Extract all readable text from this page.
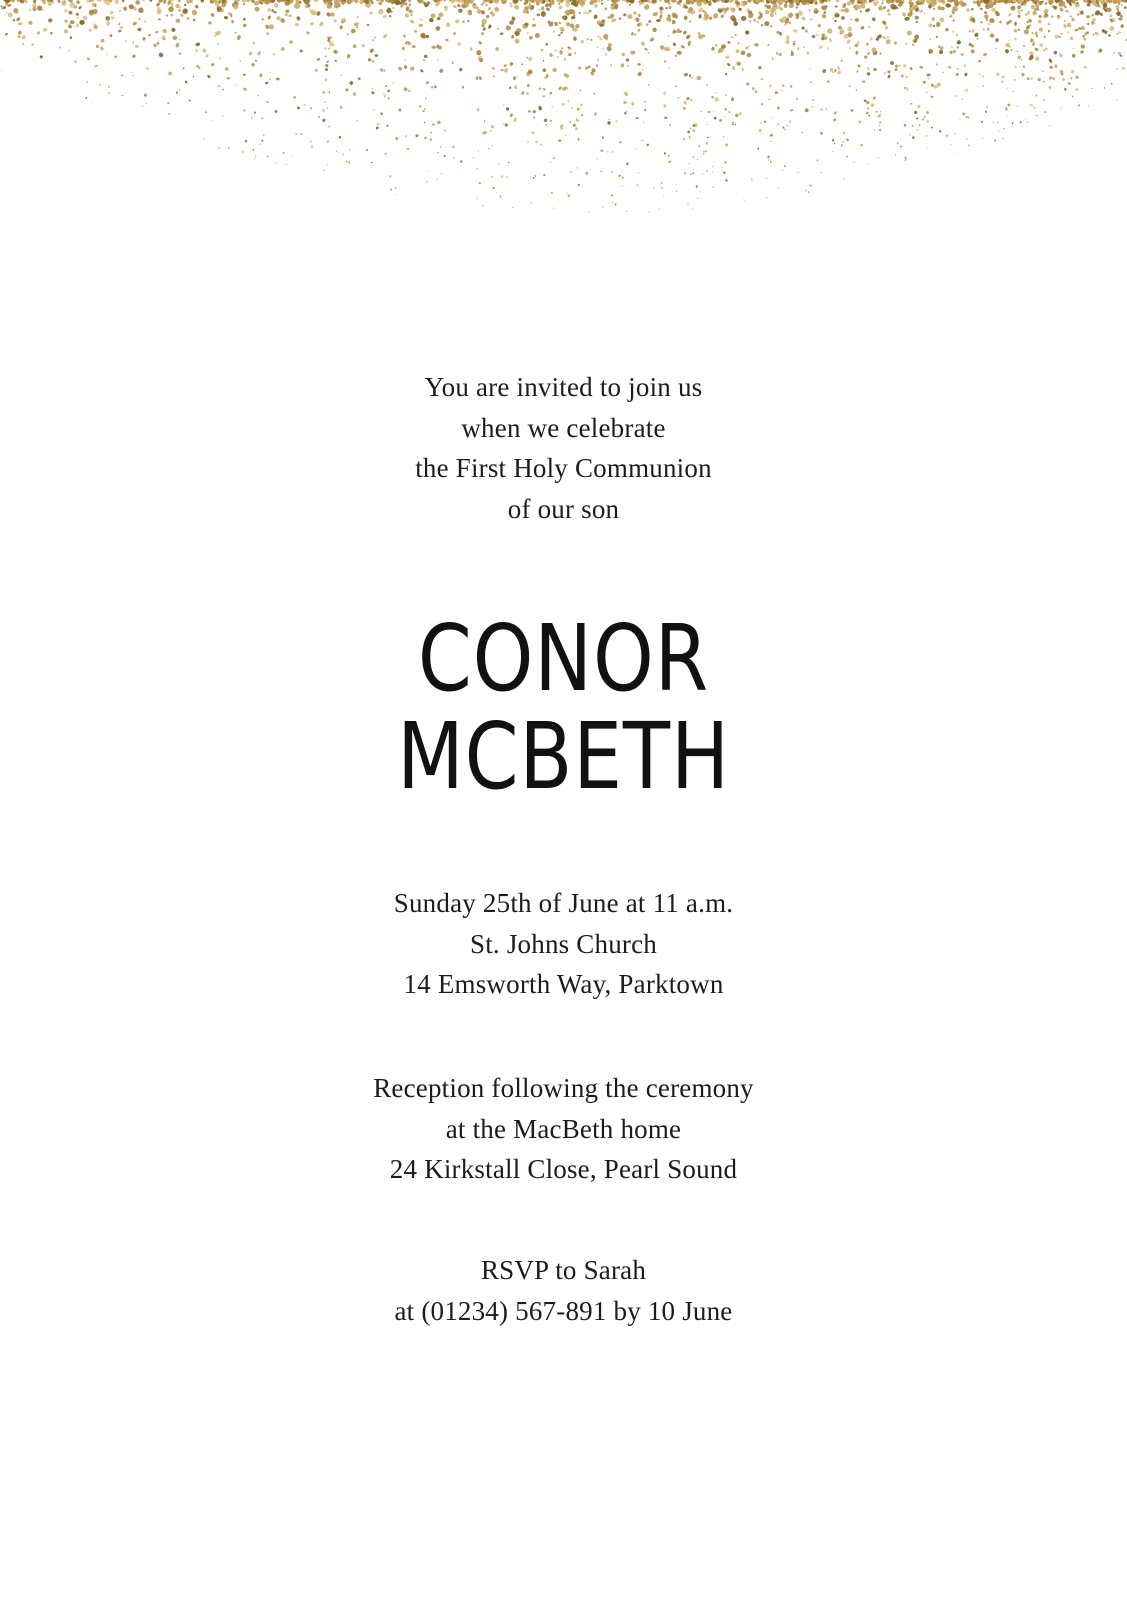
You are invited to join us
when we celebrate
the First Holy Communion
of our son
CONOR
MCBETH
Sunday 25th of June at 11 a.m.
St. Johns Church
14 Emsworth Way, Parktown
Reception following the ceremony
at the MacBeth home
24 Kirkstall Close, Pearl Sound
RSVP to Sarah
at (01234) 567-891 by 10 June
